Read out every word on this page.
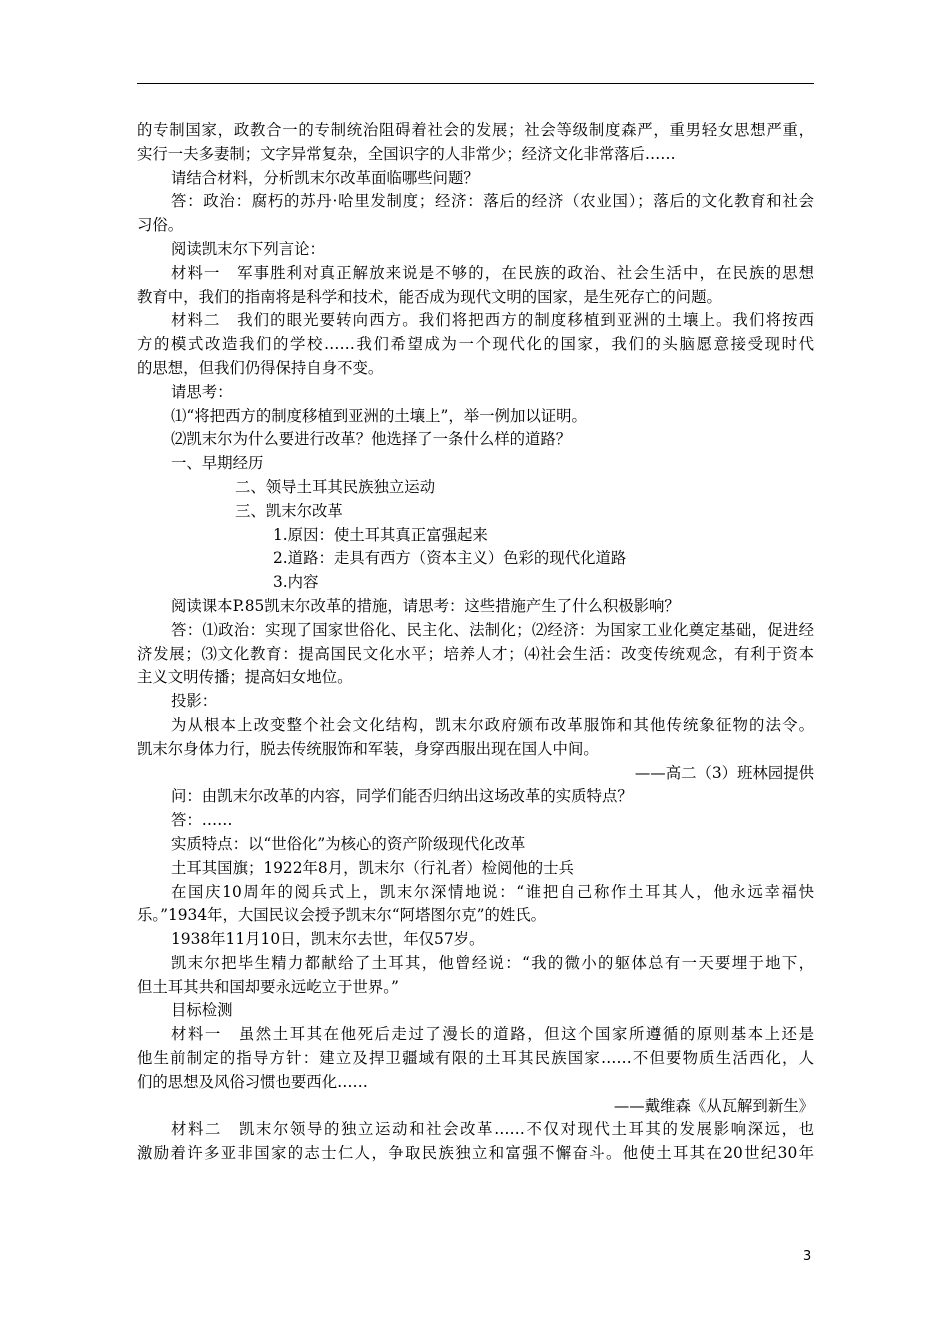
的专制国家，政教合一的专制统治阻碍着社会的发展；社会等级制度森严，重男轻女思想严重，
实行一夫多妻制；文字异常复杂，全国识字的人非常少；经济文化非常落后……
请结合材料，分析凯末尔改革面临哪些问题？
答：政治：腐朽的苏丹·哈里发制度；经济：落后的经济（农业国）；落后的文化教育和社会
习俗。
阅读凯末尔下列言论：
材料一　军事胜利对真正解放来说是不够的，在民族的政治、社会生活中，在民族的思想
教育中，我们的指南将是科学和技术，能否成为现代文明的国家，是生死存亡的问题。
材料二　我们的眼光要转向西方。我们将把西方的制度移植到亚洲的土壤上。我们将按西
方的模式改造我们的学校……我们希望成为一个现代化的国家，我们的头脑愿意接受现时代
的思想，但我们仍得保持自身不变。
请思考：
⑴“将把西方的制度移植到亚洲的土壤上”，举一例加以证明。
⑵凯末尔为什么要进行改革？他选择了一条什么样的道路？
一、早期经历
二、领导土耳其民族独立运动
三、凯末尔改革
1.原因：使土耳其真正富强起来
2.道路：走具有西方（资本主义）色彩的现代化道路
3.内容
阅读课本P.85凯末尔改革的措施，请思考：这些措施产生了什么积极影响？
答：⑴政治：实现了国家世俗化、民主化、法制化；⑵经济：为国家工业化奠定基础，促进经
济发展；⑶文化教育：提高国民文化水平；培养人才；⑷社会生活：改变传统观念，有利于资本
主义文明传播；提高妇女地位。
投影：
为从根本上改变整个社会文化结构，凯末尔政府颁布改革服饰和其他传统象征物的法令。
凯末尔身体力行，脱去传统服饰和军装，身穿西服出现在国人中间。
——高二（3）班林园提供
问：由凯末尔改革的内容，同学们能否归纳出这场改革的实质特点？
答：……
实质特点：以“世俗化”为核心的资产阶级现代化改革
土耳其国旗；1922年8月，凯末尔（行礼者）检阅他的士兵
在国庆10周年的阅兵式上，凯末尔深情地说：“谁把自己称作土耳其人，他永远幸福快
乐。”1934年，大国民议会授予凯末尔“阿塔图尔克”的姓氏。
1938年11月10日，凯末尔去世，年仅57岁。
凯末尔把毕生精力都献给了土耳其，他曾经说：“我的微小的躯体总有一天要埋于地下，
但土耳其共和国却要永远屹立于世界。”
目标检测
材料一　虽然土耳其在他死后走过了漫长的道路，但这个国家所遵循的原则基本上还是
他生前制定的指导方针：建立及捍卫疆域有限的土耳其民族国家……不但要物质生活西化，人
们的思想及风俗习惯也要西化……
——戴维森《从瓦解到新生》
材料二　凯末尔领导的独立运动和社会改革……不仅对现代土耳其的发展影响深远，也
激励着许多亚非国家的志士仁人，争取民族独立和富强不懈奋斗。他使土耳其在20世纪30年
3
